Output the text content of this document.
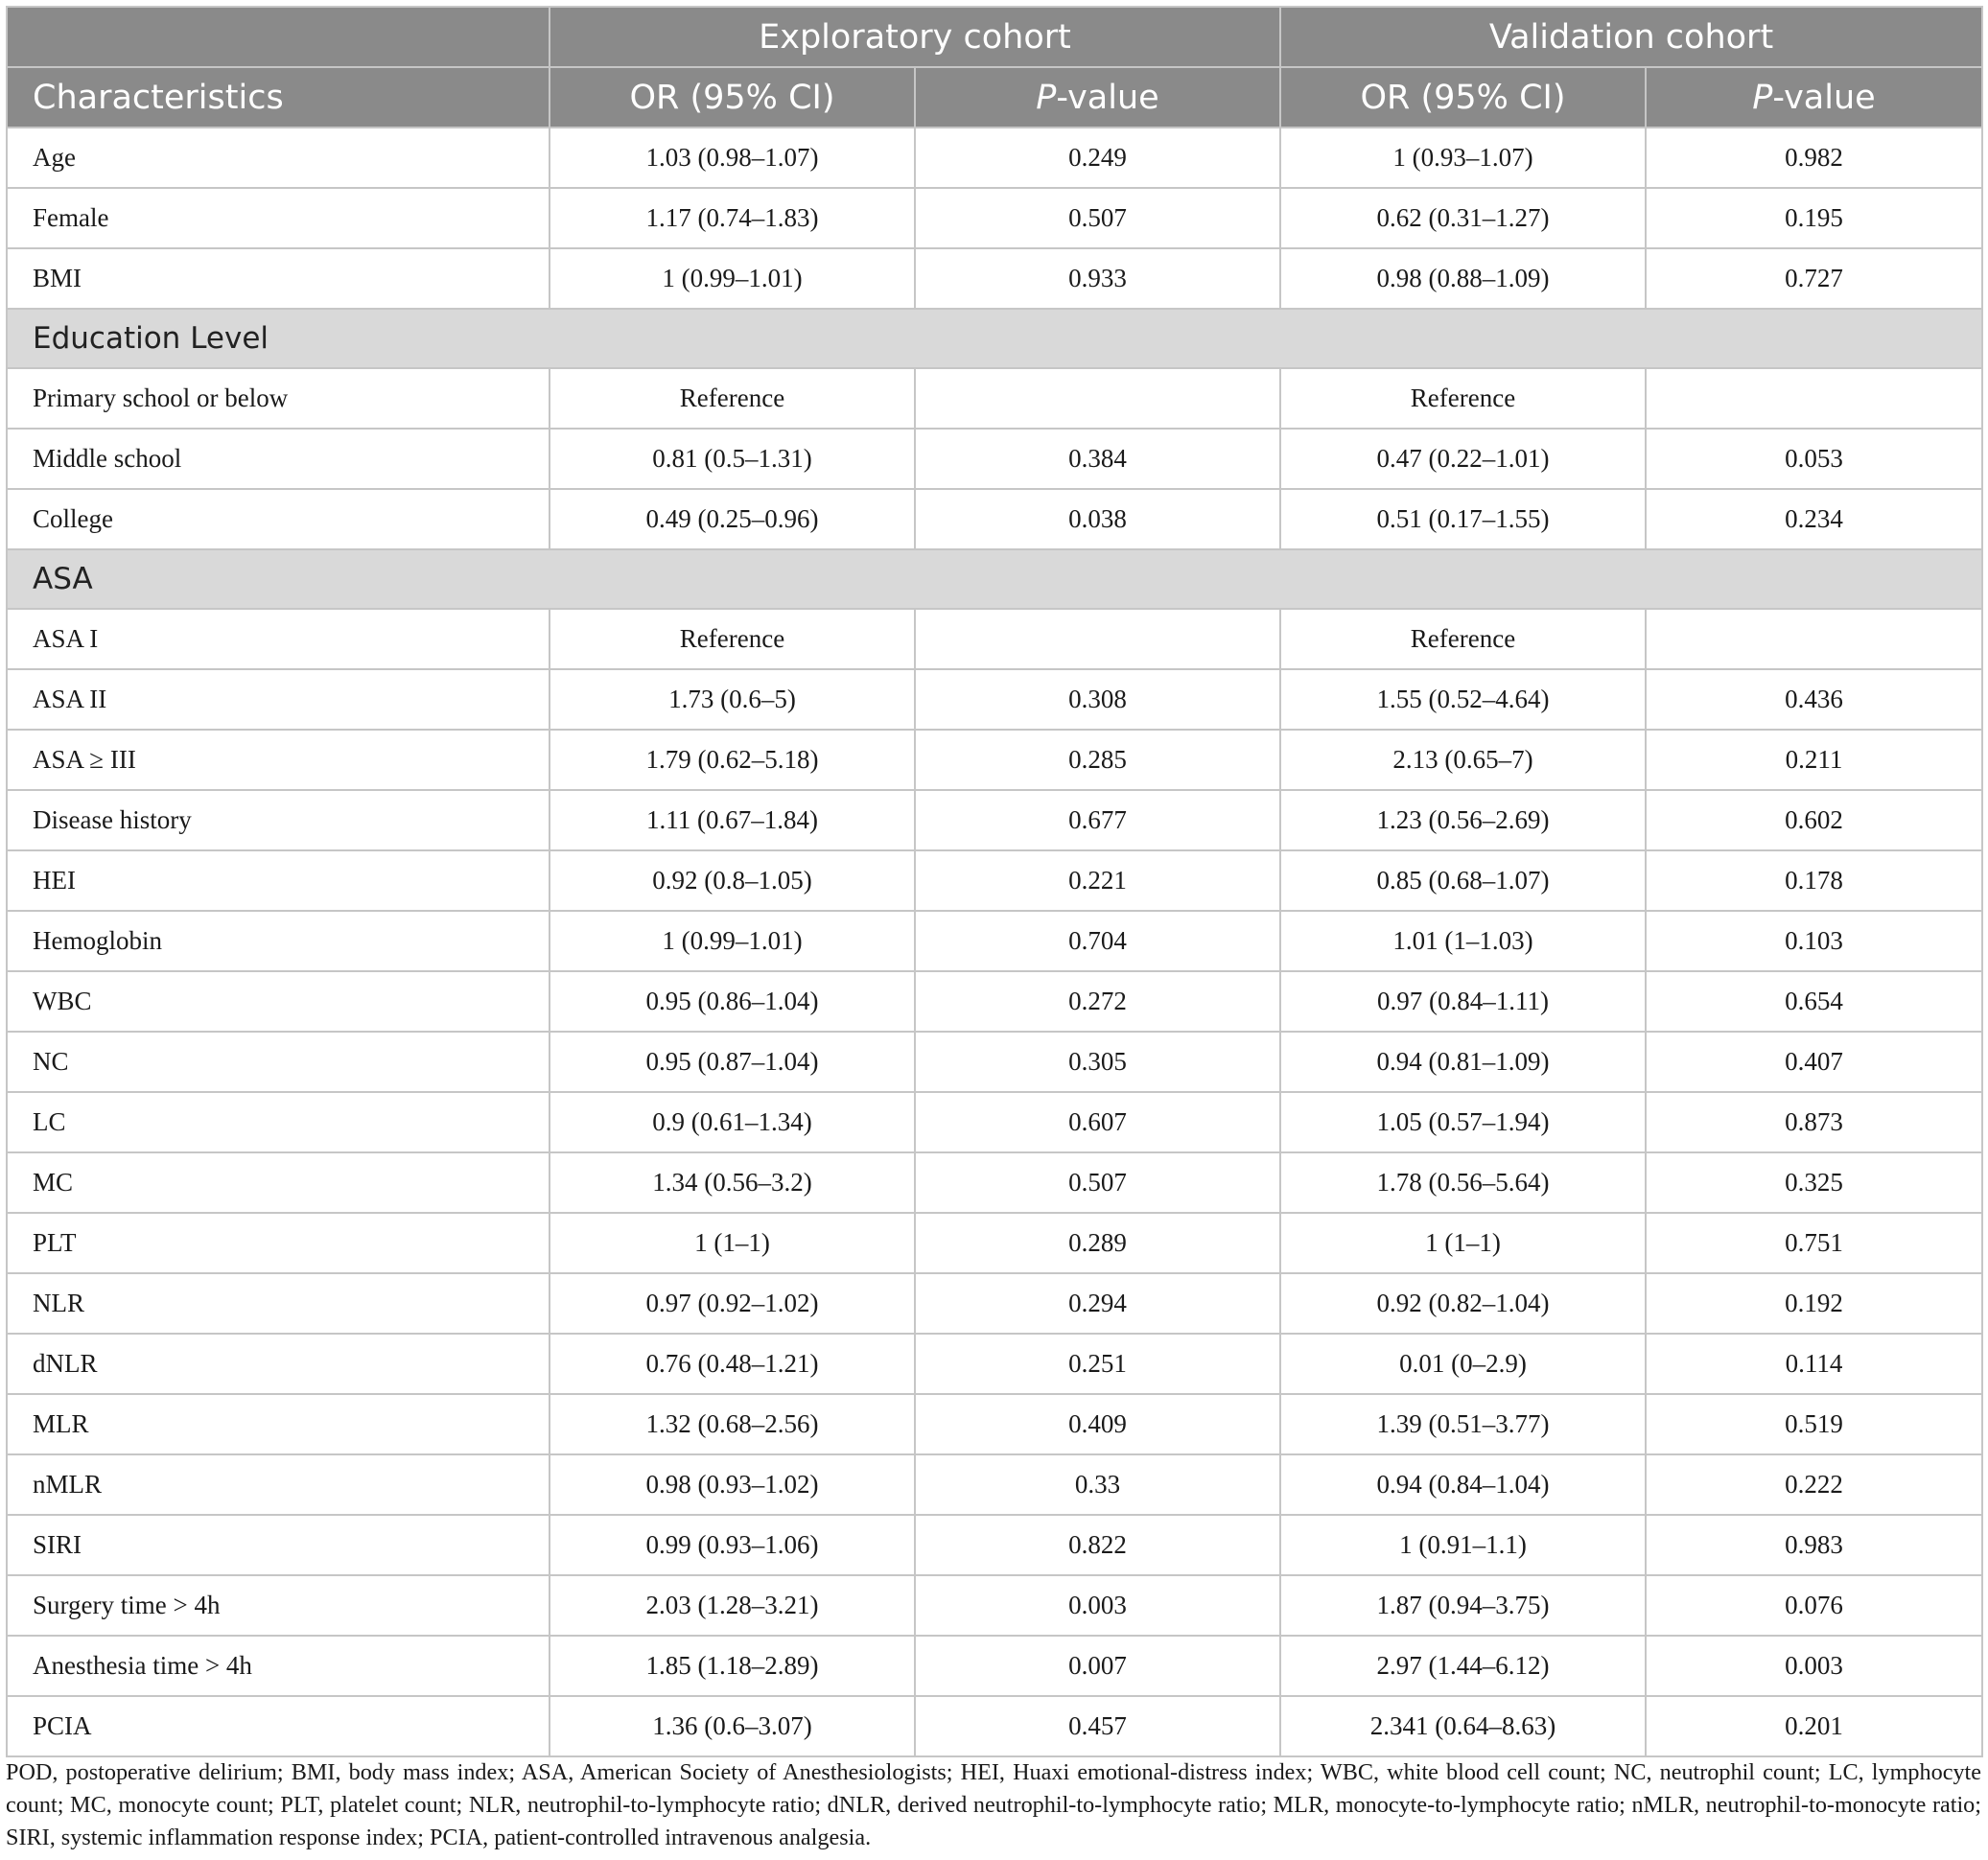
	Exploratory cohort		Validation cohort	
Characteristics	OR (95% CI)	P-value	OR (95% CI)	P-value
Age	1.03 (0.98–1.07)	0.249	1 (0.93–1.07)	0.982
Female	1.17 (0.74–1.83)	0.507	0.62 (0.31–1.27)	0.195
BMI	1 (0.99–1.01)	0.933	0.98 (0.88–1.09)	0.727
Education Level				
Primary school or below	Reference		Reference	
Middle school	0.81 (0.5–1.31)	0.384	0.47 (0.22–1.01)	0.053
College	0.49 (0.25–0.96)	0.038	0.51 (0.17–1.55)	0.234
ASA				
ASA I	Reference		Reference	
ASA II	1.73 (0.6–5)	0.308	1.55 (0.52–4.64)	0.436
ASA ≥ III	1.79 (0.62–5.18)	0.285	2.13 (0.65–7)	0.211
Disease history	1.11 (0.67–1.84)	0.677	1.23 (0.56–2.69)	0.602
HEI	0.92 (0.8–1.05)	0.221	0.85 (0.68–1.07)	0.178
Hemoglobin	1 (0.99–1.01)	0.704	1.01 (1–1.03)	0.103
WBC	0.95 (0.86–1.04)	0.272	0.97 (0.84–1.11)	0.654
NC	0.95 (0.87–1.04)	0.305	0.94 (0.81–1.09)	0.407
LC	0.9 (0.61–1.34)	0.607	1.05 (0.57–1.94)	0.873
MC	1.34 (0.56–3.2)	0.507	1.78 (0.56–5.64)	0.325
PLT	1 (1–1)	0.289	1 (1–1)	0.751
NLR	0.97 (0.92–1.02)	0.294	0.92 (0.82–1.04)	0.192
dNLR	0.76 (0.48–1.21)	0.251	0.01 (0–2.9)	0.114
MLR	1.32 (0.68–2.56)	0.409	1.39 (0.51–3.77)	0.519
nMLR	0.98 (0.93–1.02)	0.33	0.94 (0.84–1.04)	0.222
SIRI	0.99 (0.93–1.06)	0.822	1 (0.91–1.1)	0.983
Surgery time > 4h	2.03 (1.28–3.21)	0.003	1.87 (0.94–3.75)	0.076
Anesthesia time > 4h	1.85 (1.18–2.89)	0.007	2.97 (1.44–6.12)	0.003
PCIA	1.36 (0.6–3.07)	0.457	2.341 (0.64–8.63)	0.201

POD, postoperative delirium; BMI, body mass index; ASA, American Society of Anesthesiologists; HEI, Huaxi emotional-distress index; WBC, white blood cell count; NC, neutrophil count; LC, lymphocyte count; MC, monocyte count; PLT, platelet count; NLR, neutrophil-to-lymphocyte ratio; dNLR, derived neutrophil-to-lymphocyte ratio; MLR, monocyte-to-lymphocyte ratio; nMLR, neutrophil-to-monocyte ratio; SIRI, systemic inflammation response index; PCIA, patient-controlled intravenous analgesia.
